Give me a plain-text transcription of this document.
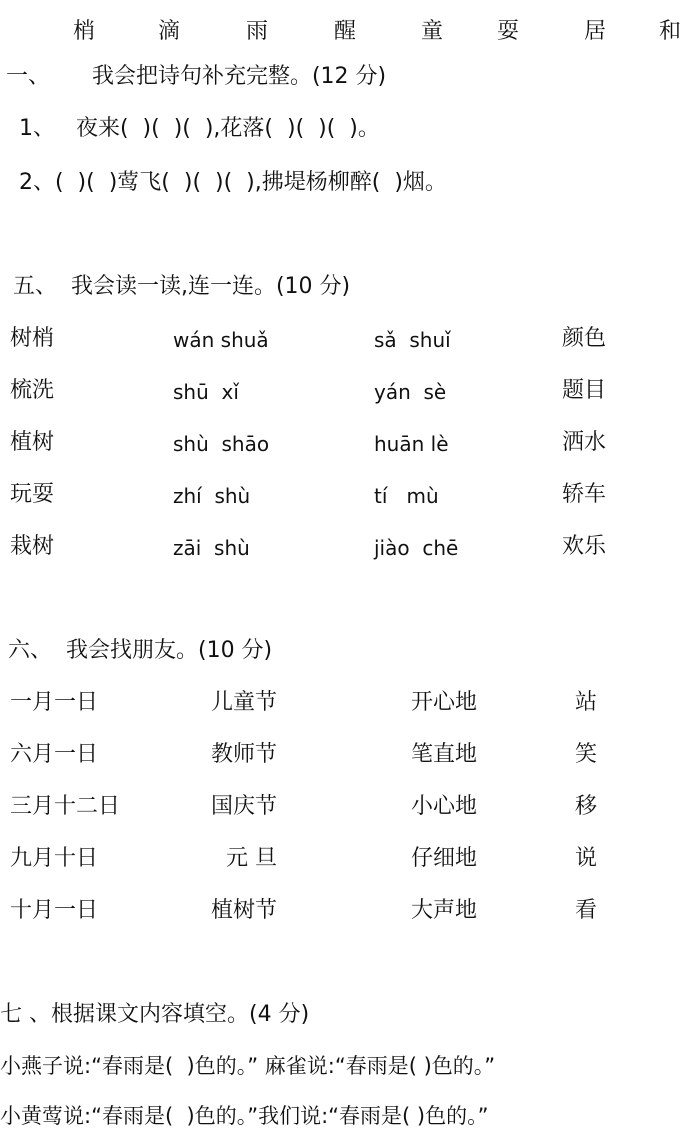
梢	滴	雨	醒	童 耍	居 和
一、      我会把诗句补充完整。(12 分)
1、   夜来(  )(  )(  ),花落(  )(  )(  )。
2、(  )(  )莺飞(  )(  )(  ),拂堤杨柳醉(  )烟。
五、  我会读一读,连一连。(10 分)
树梢	wán shuǎ	sǎ  shuǐ	颜色
梳洗	shū  xǐ	yán  sè	题目
植树	shù  shāo	huān lè	洒水
玩耍	zhí  shù	tí   mù	轿车
栽树	zāi  shù	jiào  chē	欢乐
六、  我会找朋友。(10 分)
一月一日	儿童节	开心地	站
六月一日	教师节	笔直地	笑
三月十二日	国庆节	小心地	移
九月十日	元 旦	仔细地	说
十月一日	植树节	大声地	看
七 、根据课文内容填空。(4 分)
小燕子说:“春雨是(  )色的。” 麻雀说:“春雨是( )色的。”
小黄莺说:“春雨是(  )色的。”我们说:“春雨是( )色的。”
